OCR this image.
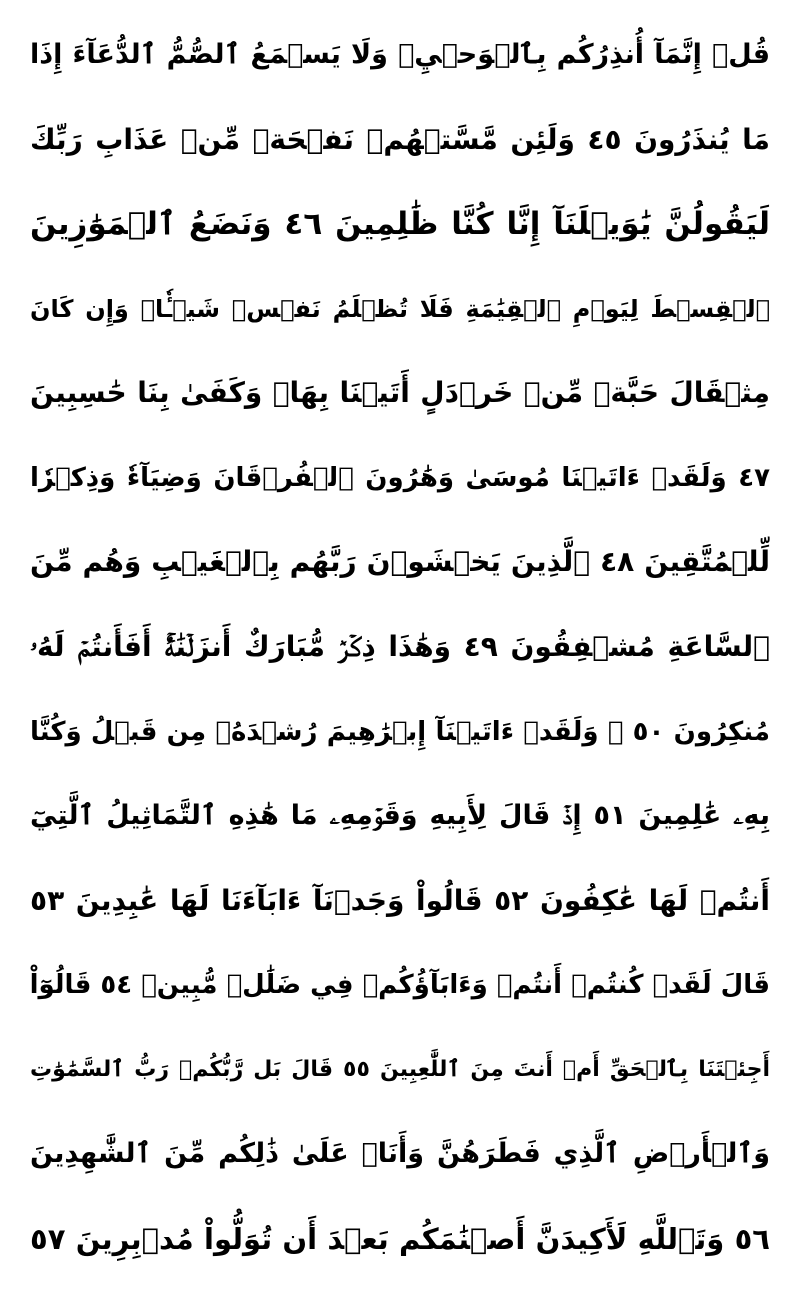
قُلۡ إِنَّمَآ أُنذِرُكُم بِٱلۡوَحۡيِۚ وَلَا يَسۡمَعُ ٱلصُّمُّ ٱلدُّعَآءَ إِذَا
مَا يُنذَرُونَ ٤٥ وَلَئِن مَّسَّتۡهُمۡ نَفۡحَةٞ مِّنۡ عَذَابِ رَبِّكَ
لَيَقُولُنَّ يَٰوَيۡلَنَآ إِنَّا كُنَّا ظَٰلِمِينَ ٤٦ وَنَضَعُ ٱلۡمَوَٰزِينَ
ٱلۡقِسۡطَ لِيَوۡمِ ٱلۡقِيَٰمَةِ فَلَا تُظۡلَمُ نَفۡسٞ شَيۡـٔٗاۖ وَإِن كَانَ
مِثۡقَالَ حَبَّةٖ مِّنۡ خَرۡدَلٍ أَتَيۡنَا بِهَاۗ وَكَفَىٰ بِنَا حَٰسِبِينَ
٤٧ وَلَقَدۡ ءَاتَيۡنَا مُوسَىٰ وَهَٰرُونَ ٱلۡفُرۡقَانَ وَضِيَآءٗ وَذِكۡرٗا
لِّلۡمُتَّقِينَ ٤٨ ٱلَّذِينَ يَخۡشَوۡنَ رَبَّهُم بِٱلۡغَيۡبِ وَهُم مِّنَ
ٱلسَّاعَةِ مُشۡفِقُونَ ٤٩ وَهَٰذَا ذِكۡرٞ مُّبَارَكٌ أَنزَلۡنَٰهُۚ أَفَأَنتُمۡ لَهُۥ
مُنكِرُونَ ٥٠ ۞ وَلَقَدۡ ءَاتَيۡنَآ إِبۡرَٰهِيمَ رُشۡدَهُۥ مِن قَبۡلُ وَكُنَّا
بِهِۦ عَٰلِمِينَ ٥١ إِذۡ قَالَ لِأَبِيهِ وَقَوۡمِهِۦ مَا هَٰذِهِ ٱلتَّمَاثِيلُ ٱلَّتِيٓ
أَنتُمۡ لَهَا عَٰكِفُونَ ٥٢ قَالُواْ وَجَدۡنَآ ءَابَآءَنَا لَهَا عَٰبِدِينَ ٥٣
قَالَ لَقَدۡ كُنتُمۡ أَنتُمۡ وَءَابَآؤُكُمۡ فِي ضَلَٰلٖ مُّبِينٖ ٥٤ قَالُوٓاْ
أَجِئۡتَنَا بِٱلۡحَقِّ أَمۡ أَنتَ مِنَ ٱللَّٰعِبِينَ ٥٥ قَالَ بَل رَّبُّكُمۡ رَبُّ ٱلسَّمَٰوَٰتِ
وَٱلۡأَرۡضِ ٱلَّذِي فَطَرَهُنَّ وَأَنَا۠ عَلَىٰ ذَٰلِكُم مِّنَ ٱلشَّٰهِدِينَ
٥٦ وَتَٱللَّهِ لَأَكِيدَنَّ أَصۡنَٰمَكُم بَعۡدَ أَن تُوَلُّواْ مُدۡبِرِينَ ٥٧
